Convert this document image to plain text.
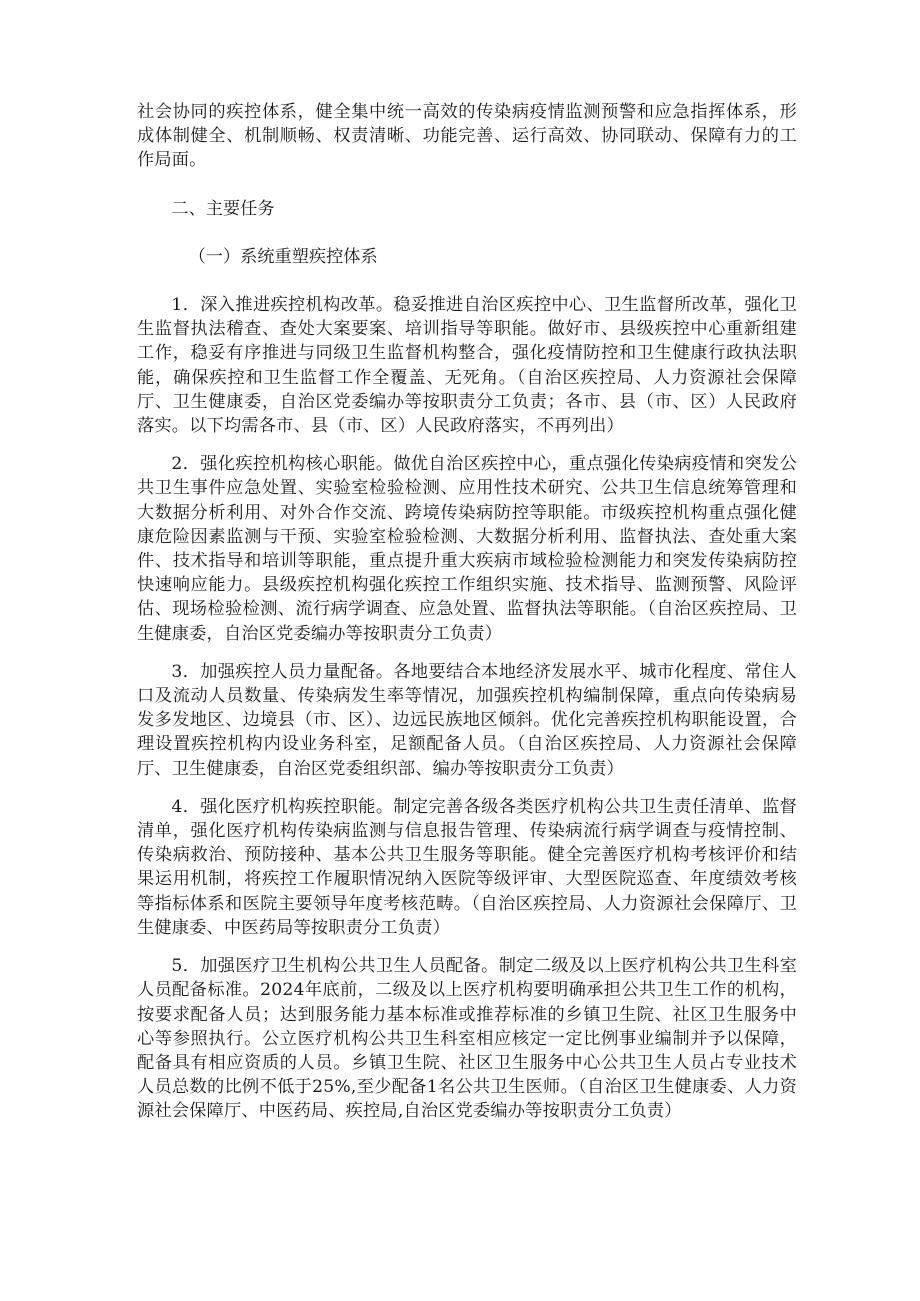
社会协同的疾控体系，健全集中统一高效的传染病疫情监测预警和应急指挥体系，形成体制健全、机制顺畅、权责清晰、功能完善、运行高效、协同联动、保障有力的工作局面。

二、主要任务

（一）系统重塑疾控体系

1．深入推进疾控机构改革。稳妥推进自治区疾控中心、卫生监督所改革，强化卫生监督执法稽查、查处大案要案、培训指导等职能。做好市、县级疾控中心重新组建工作，稳妥有序推进与同级卫生监督机构整合，强化疫情防控和卫生健康行政执法职能，确保疾控和卫生监督工作全覆盖、无死角。（自治区疾控局、人力资源社会保障厅、卫生健康委，自治区党委编办等按职责分工负责；各市、县（市、区）人民政府落实。以下均需各市、县（市、区）人民政府落实，不再列出）

2．强化疾控机构核心职能。做优自治区疾控中心，重点强化传染病疫情和突发公共卫生事件应急处置、实验室检验检测、应用性技术研究、公共卫生信息统筹管理和大数据分析利用、对外合作交流、跨境传染病防控等职能。市级疾控机构重点强化健康危险因素监测与干预、实验室检验检测、大数据分析利用、监督执法、查处重大案件、技术指导和培训等职能，重点提升重大疾病市域检验检测能力和突发传染病防控快速响应能力。县级疾控机构强化疾控工作组织实施、技术指导、监测预警、风险评估、现场检验检测、流行病学调查、应急处置、监督执法等职能。（自治区疾控局、卫生健康委，自治区党委编办等按职责分工负责）

3．加强疾控人员力量配备。各地要结合本地经济发展水平、城市化程度、常住人口及流动人员数量、传染病发生率等情况，加强疾控机构编制保障，重点向传染病易发多发地区、边境县（市、区）、边远民族地区倾斜。优化完善疾控机构职能设置，合理设置疾控机构内设业务科室，足额配备人员。（自治区疾控局、人力资源社会保障厅、卫生健康委，自治区党委组织部、编办等按职责分工负责）

4．强化医疗机构疾控职能。制定完善各级各类医疗机构公共卫生责任清单、监督清单，强化医疗机构传染病监测与信息报告管理、传染病流行病学调查与疫情控制、传染病救治、预防接种、基本公共卫生服务等职能。健全完善医疗机构考核评价和结果运用机制，将疾控工作履职情况纳入医院等级评审、大型医院巡查、年度绩效考核等指标体系和医院主要领导年度考核范畴。（自治区疾控局、人力资源社会保障厅、卫生健康委、中医药局等按职责分工负责）

5．加强医疗卫生机构公共卫生人员配备。制定二级及以上医疗机构公共卫生科室人员配备标准。2024年底前，二级及以上医疗机构要明确承担公共卫生工作的机构，按要求配备人员；达到服务能力基本标准或推荐标准的乡镇卫生院、社区卫生服务中心等参照执行。公立医疗机构公共卫生科室相应核定一定比例事业编制并予以保障，配备具有相应资质的人员。乡镇卫生院、社区卫生服务中心公共卫生人员占专业技术人员总数的比例不低于25%,至少配备1名公共卫生医师。（自治区卫生健康委、人力资源社会保障厅、中医药局、疾控局,自治区党委编办等按职责分工负责）
